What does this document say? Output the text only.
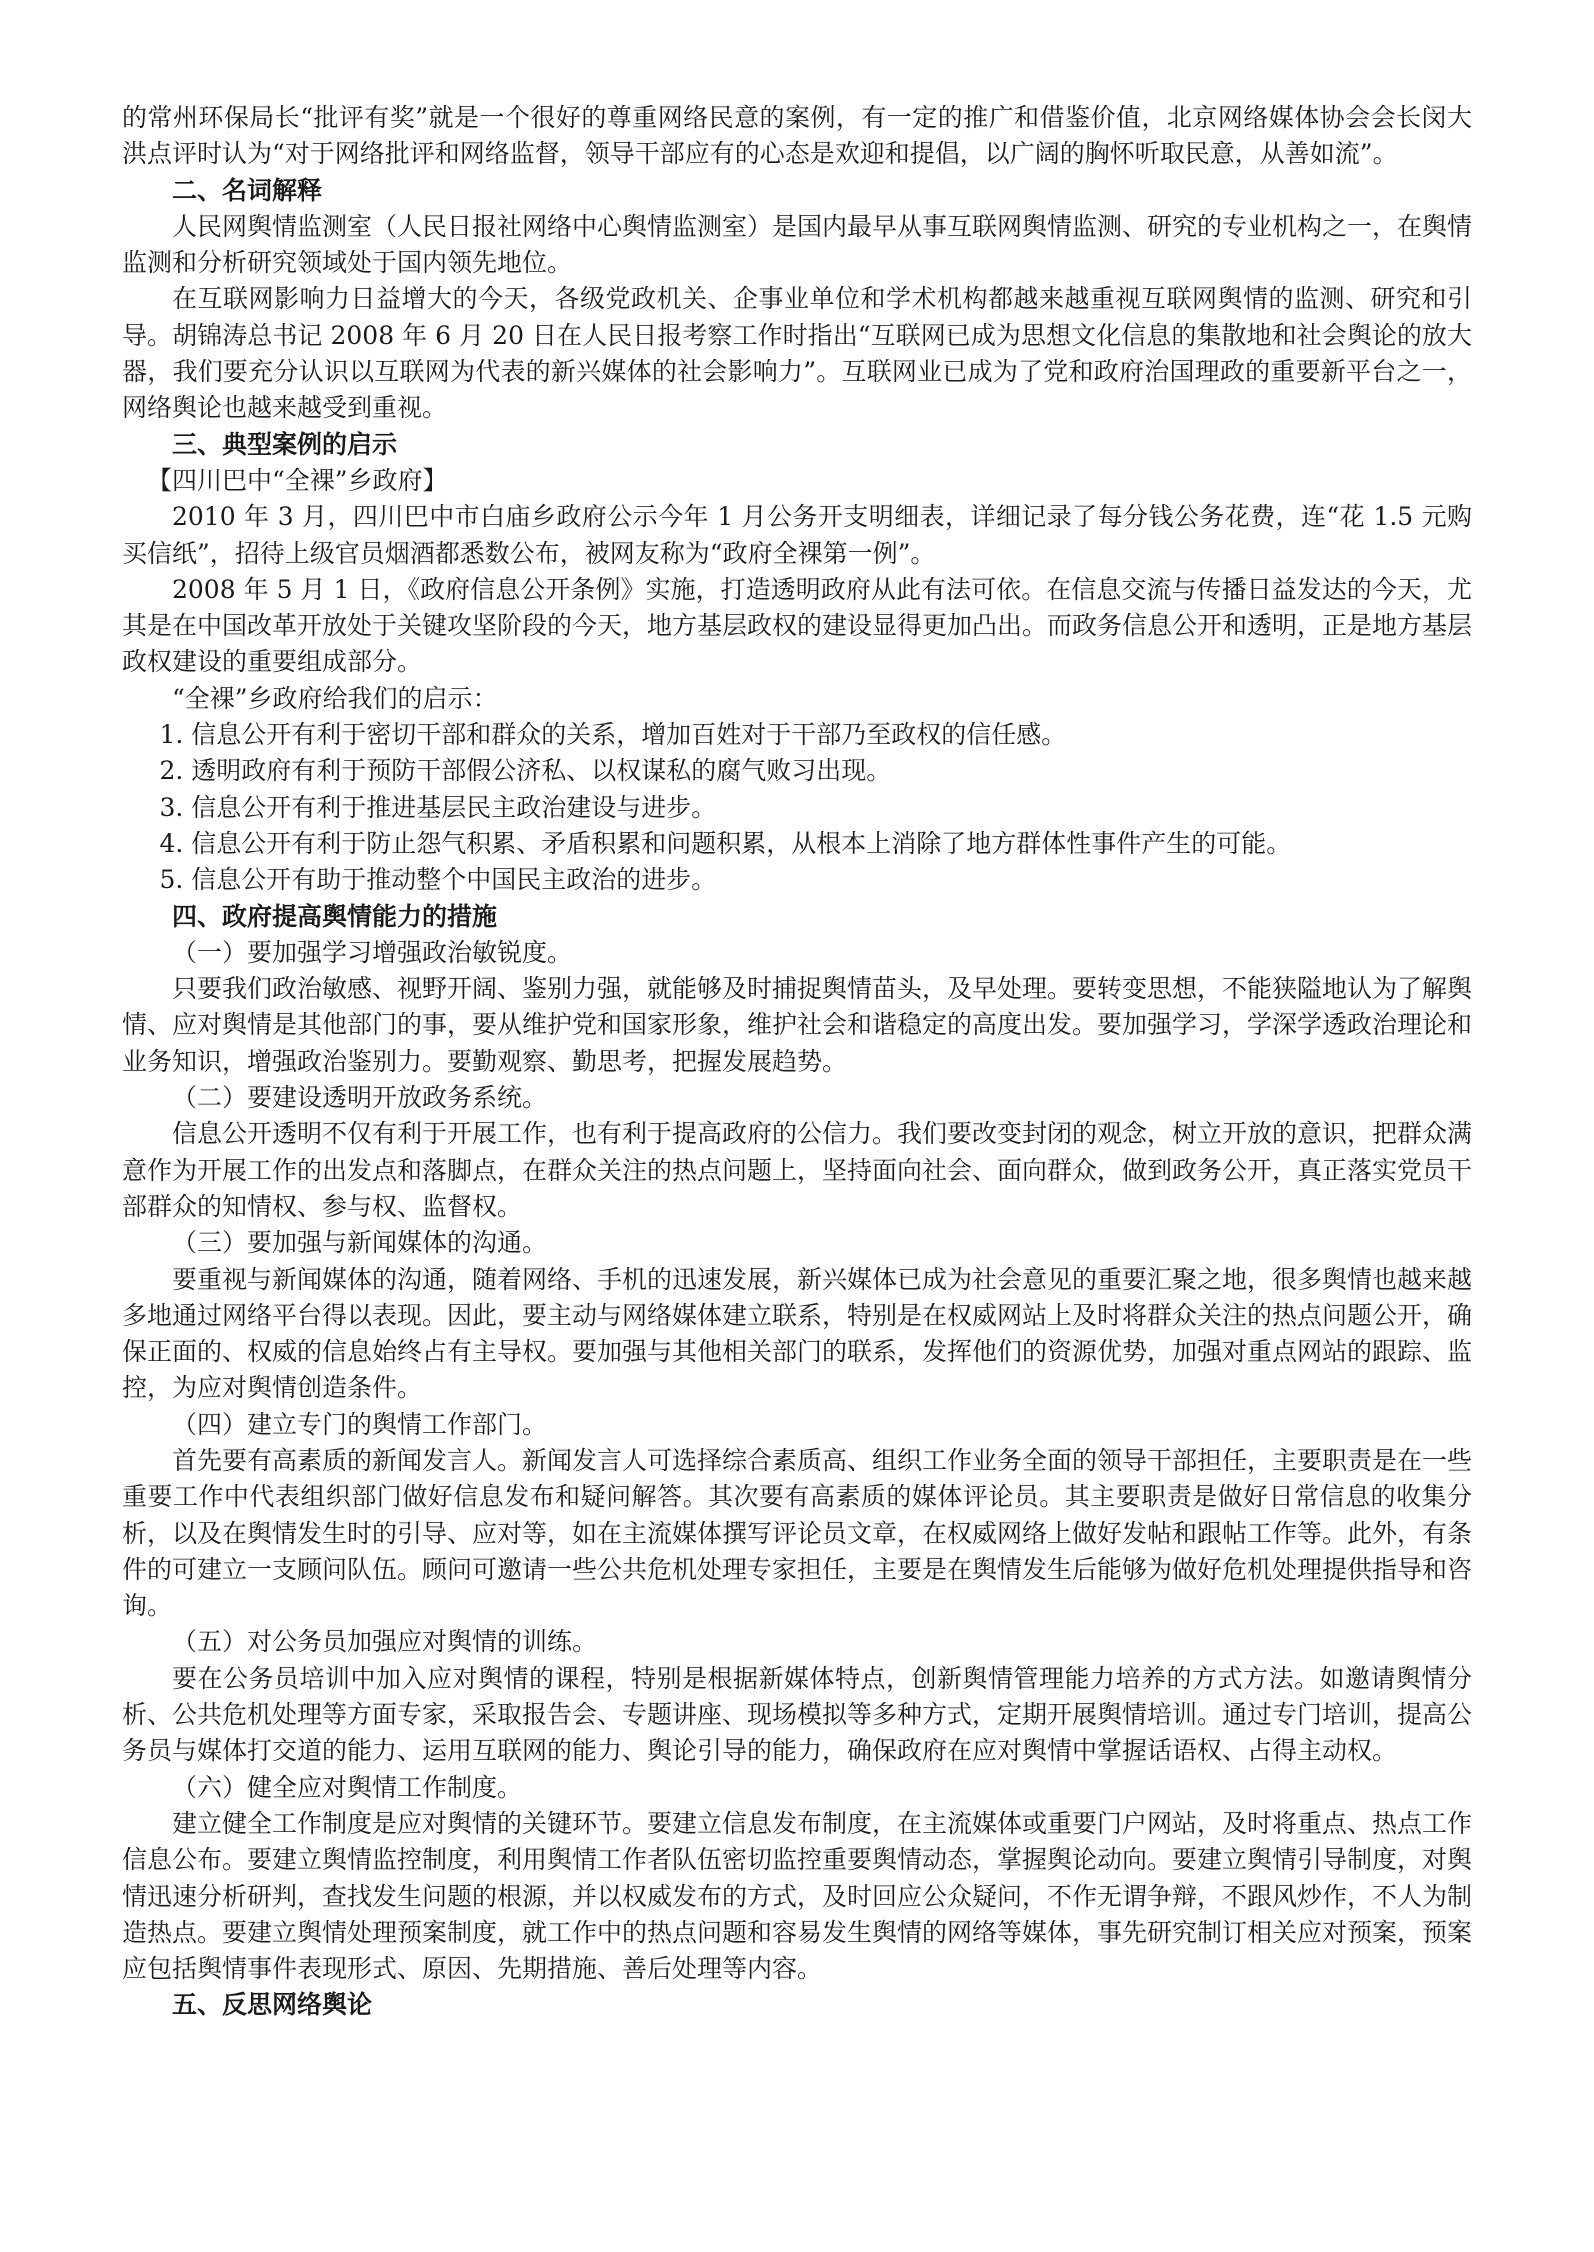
的常州环保局长“批评有奖”就是一个很好的尊重网络民意的案例，有一定的推广和借鉴价值，北京网络媒体协会会长闵大洪点评时认为“对于网络批评和网络监督，领导干部应有的心态是欢迎和提倡，以广阔的胸怀听取民意，从善如流”。

二、名词解释

人民网舆情监测室（人民日报社网络中心舆情监测室）是国内最早从事互联网舆情监测、研究的专业机构之一，在舆情监测和分析研究领域处于国内领先地位。

在互联网影响力日益增大的今天，各级党政机关、企事业单位和学术机构都越来越重视互联网舆情的监测、研究和引导。胡锦涛总书记 2008 年 6 月 20 日在人民日报考察工作时指出“互联网已成为思想文化信息的集散地和社会舆论的放大器，我们要充分认识以互联网为代表的新兴媒体的社会影响力”。互联网业已成为了党和政府治国理政的重要新平台之一，网络舆论也越来越受到重视。

三、典型案例的启示

【四川巴中“全裸”乡政府】

2010 年 3 月，四川巴中市白庙乡政府公示今年 1 月公务开支明细表，详细记录了每分钱公务花费，连“花 1.5 元购买信纸”，招待上级官员烟酒都悉数公布，被网友称为“政府全裸第一例”。

2008 年 5 月 1 日，《政府信息公开条例》实施，打造透明政府从此有法可依。在信息交流与传播日益发达的今天，尤其是在中国改革开放处于关键攻坚阶段的今天，地方基层政权的建设显得更加凸出。而政务信息公开和透明，正是地方基层政权建设的重要组成部分。

“全裸”乡政府给我们的启示：

1. 信息公开有利于密切干部和群众的关系，增加百姓对于干部乃至政权的信任感。

2. 透明政府有利于预防干部假公济私、以权谋私的腐气败习出现。

3. 信息公开有利于推进基层民主政治建设与进步。

4. 信息公开有利于防止怨气积累、矛盾积累和问题积累，从根本上消除了地方群体性事件产生的可能。

5. 信息公开有助于推动整个中国民主政治的进步。

四、政府提高舆情能力的措施

（一）要加强学习增强政治敏锐度。

只要我们政治敏感、视野开阔、鉴别力强，就能够及时捕捉舆情苗头，及早处理。要转变思想，不能狭隘地认为了解舆情、应对舆情是其他部门的事，要从维护党和国家形象，维护社会和谐稳定的高度出发。要加强学习，学深学透政治理论和业务知识，增强政治鉴别力。要勤观察、勤思考，把握发展趋势。

（二）要建设透明开放政务系统。

信息公开透明不仅有利于开展工作，也有利于提高政府的公信力。我们要改变封闭的观念，树立开放的意识，把群众满意作为开展工作的出发点和落脚点，在群众关注的热点问题上，坚持面向社会、面向群众，做到政务公开，真正落实党员干部群众的知情权、参与权、监督权。

（三）要加强与新闻媒体的沟通。

要重视与新闻媒体的沟通，随着网络、手机的迅速发展，新兴媒体已成为社会意见的重要汇聚之地，很多舆情也越来越多地通过网络平台得以表现。因此，要主动与网络媒体建立联系，特别是在权威网站上及时将群众关注的热点问题公开，确保正面的、权威的信息始终占有主导权。要加强与其他相关部门的联系，发挥他们的资源优势，加强对重点网站的跟踪、监控，为应对舆情创造条件。

（四）建立专门的舆情工作部门。

首先要有高素质的新闻发言人。新闻发言人可选择综合素质高、组织工作业务全面的领导干部担任，主要职责是在一些重要工作中代表组织部门做好信息发布和疑问解答。其次要有高素质的媒体评论员。其主要职责是做好日常信息的收集分析，以及在舆情发生时的引导、应对等，如在主流媒体撰写评论员文章，在权威网络上做好发帖和跟帖工作等。此外，有条件的可建立一支顾问队伍。顾问可邀请一些公共危机处理专家担任，主要是在舆情发生后能够为做好危机处理提供指导和咨询。

（五）对公务员加强应对舆情的训练。

要在公务员培训中加入应对舆情的课程，特别是根据新媒体特点，创新舆情管理能力培养的方式方法。如邀请舆情分析、公共危机处理等方面专家，采取报告会、专题讲座、现场模拟等多种方式，定期开展舆情培训。通过专门培训，提高公务员与媒体打交道的能力、运用互联网的能力、舆论引导的能力，确保政府在应对舆情中掌握话语权、占得主动权。

（六）健全应对舆情工作制度。

建立健全工作制度是应对舆情的关键环节。要建立信息发布制度，在主流媒体或重要门户网站，及时将重点、热点工作信息公布。要建立舆情监控制度，利用舆情工作者队伍密切监控重要舆情动态，掌握舆论动向。要建立舆情引导制度，对舆情迅速分析研判，查找发生问题的根源，并以权威发布的方式，及时回应公众疑问，不作无谓争辩，不跟风炒作，不人为制造热点。要建立舆情处理预案制度，就工作中的热点问题和容易发生舆情的网络等媒体，事先研究制订相关应对预案，预案应包括舆情事件表现形式、原因、先期措施、善后处理等内容。

五、反思网络舆论
